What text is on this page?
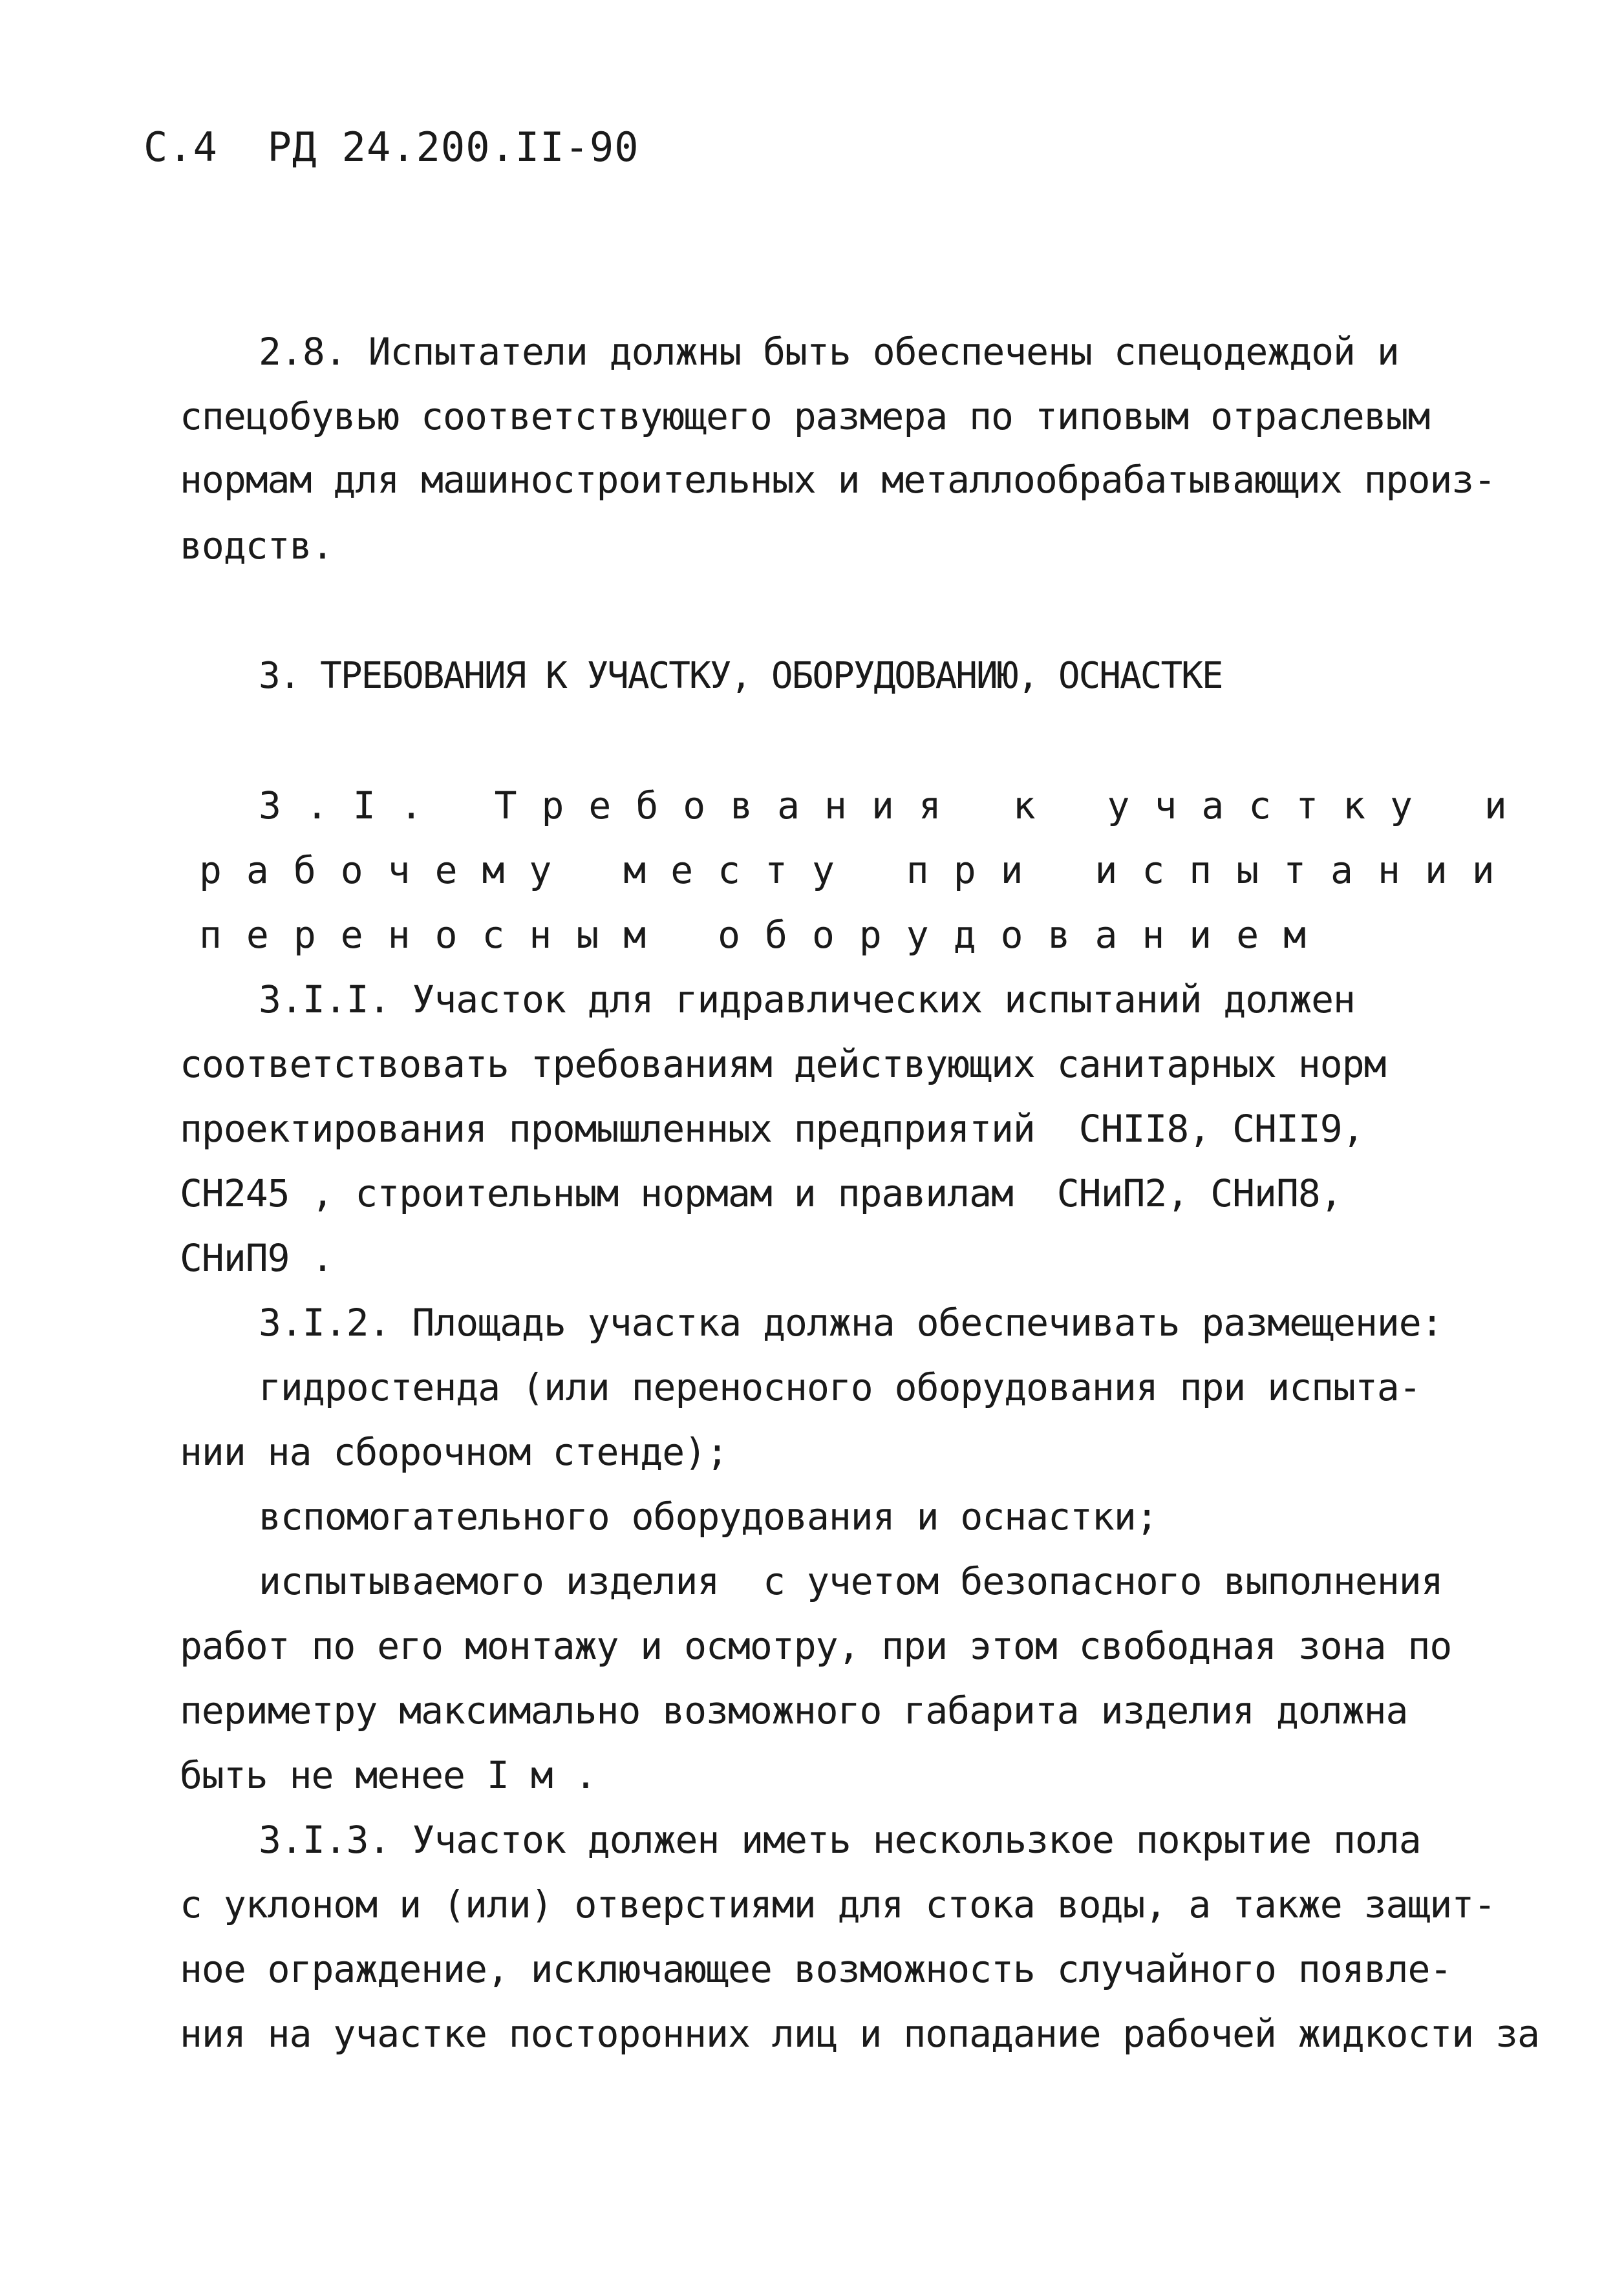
С.4  РД 24.200.II-90
2.8. Испытатели должны быть обеспечены спецодеждой и
спецобувью соответствующего размера по типовым отраслевым
нормам для машиностроительных и металлообрабатывающих произ-
водств.
3. ТРЕБОВАНИЯ К УЧАСТКУ, ОБОРУДОВАНИЮ, ОСНАСТКЕ
3.I. Требования к участку и
рабочему месту при испытании
переносным оборудованием
3.I.I. Участок для гидравлических испытаний должен
соответствовать требованиям действующих санитарных норм
проектирования промышленных предприятий  СНII8, СНII9,
СН245 , строительным нормам и правилам  СНиП2, СНиП8,
СНиП9 .
3.I.2. Площадь участка должна обеспечивать размещение:
гидростенда (или переносного оборудования при испыта-
нии на сборочном стенде);
вспомогательного оборудования и оснастки;
испытываемого изделия  с учетом безопасного выполнения
работ по его монтажу и осмотру, при этом свободная зона по
периметру максимально возможного габарита изделия должна
быть не менее I м .
3.I.3. Участок должен иметь нескользкое покрытие пола
с уклоном и (или) отверстиями для стока воды, а также защит-
ное ограждение, исключающее возможность случайного появле-
ния на участке посторонних лиц и попадание рабочей жидкости за
